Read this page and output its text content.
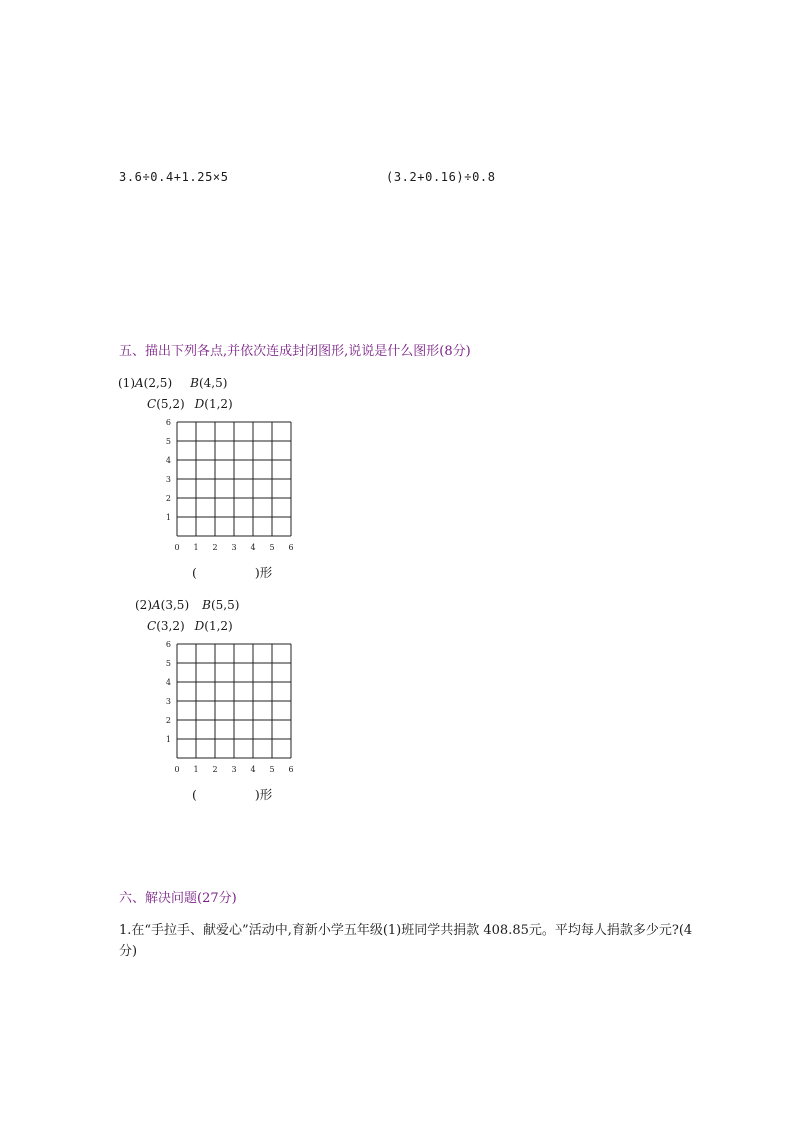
3.6÷0.4+1.25×5	(3.2+0.16)÷0.8
五、描出下列各点,并依次连成封闭图形,说说是什么图形(8分)
(1)A(2,5) B(4,5)
C(5,2) D(1,2)
0 1 2 3 4 5 6
1
2
3
4
5
6
(	)形
(2)A(3,5) B(5,5)
C(3,2) D(1,2)
0 1 2 3 4 5 6
1
2
3
4
5
6
(	)形
六、解决问题(27分)
1.在“手拉手、献爱心”活动中,育新小学五年级(1)班同学共捐款 408.85元。平均每人捐款多少元?(4分)
